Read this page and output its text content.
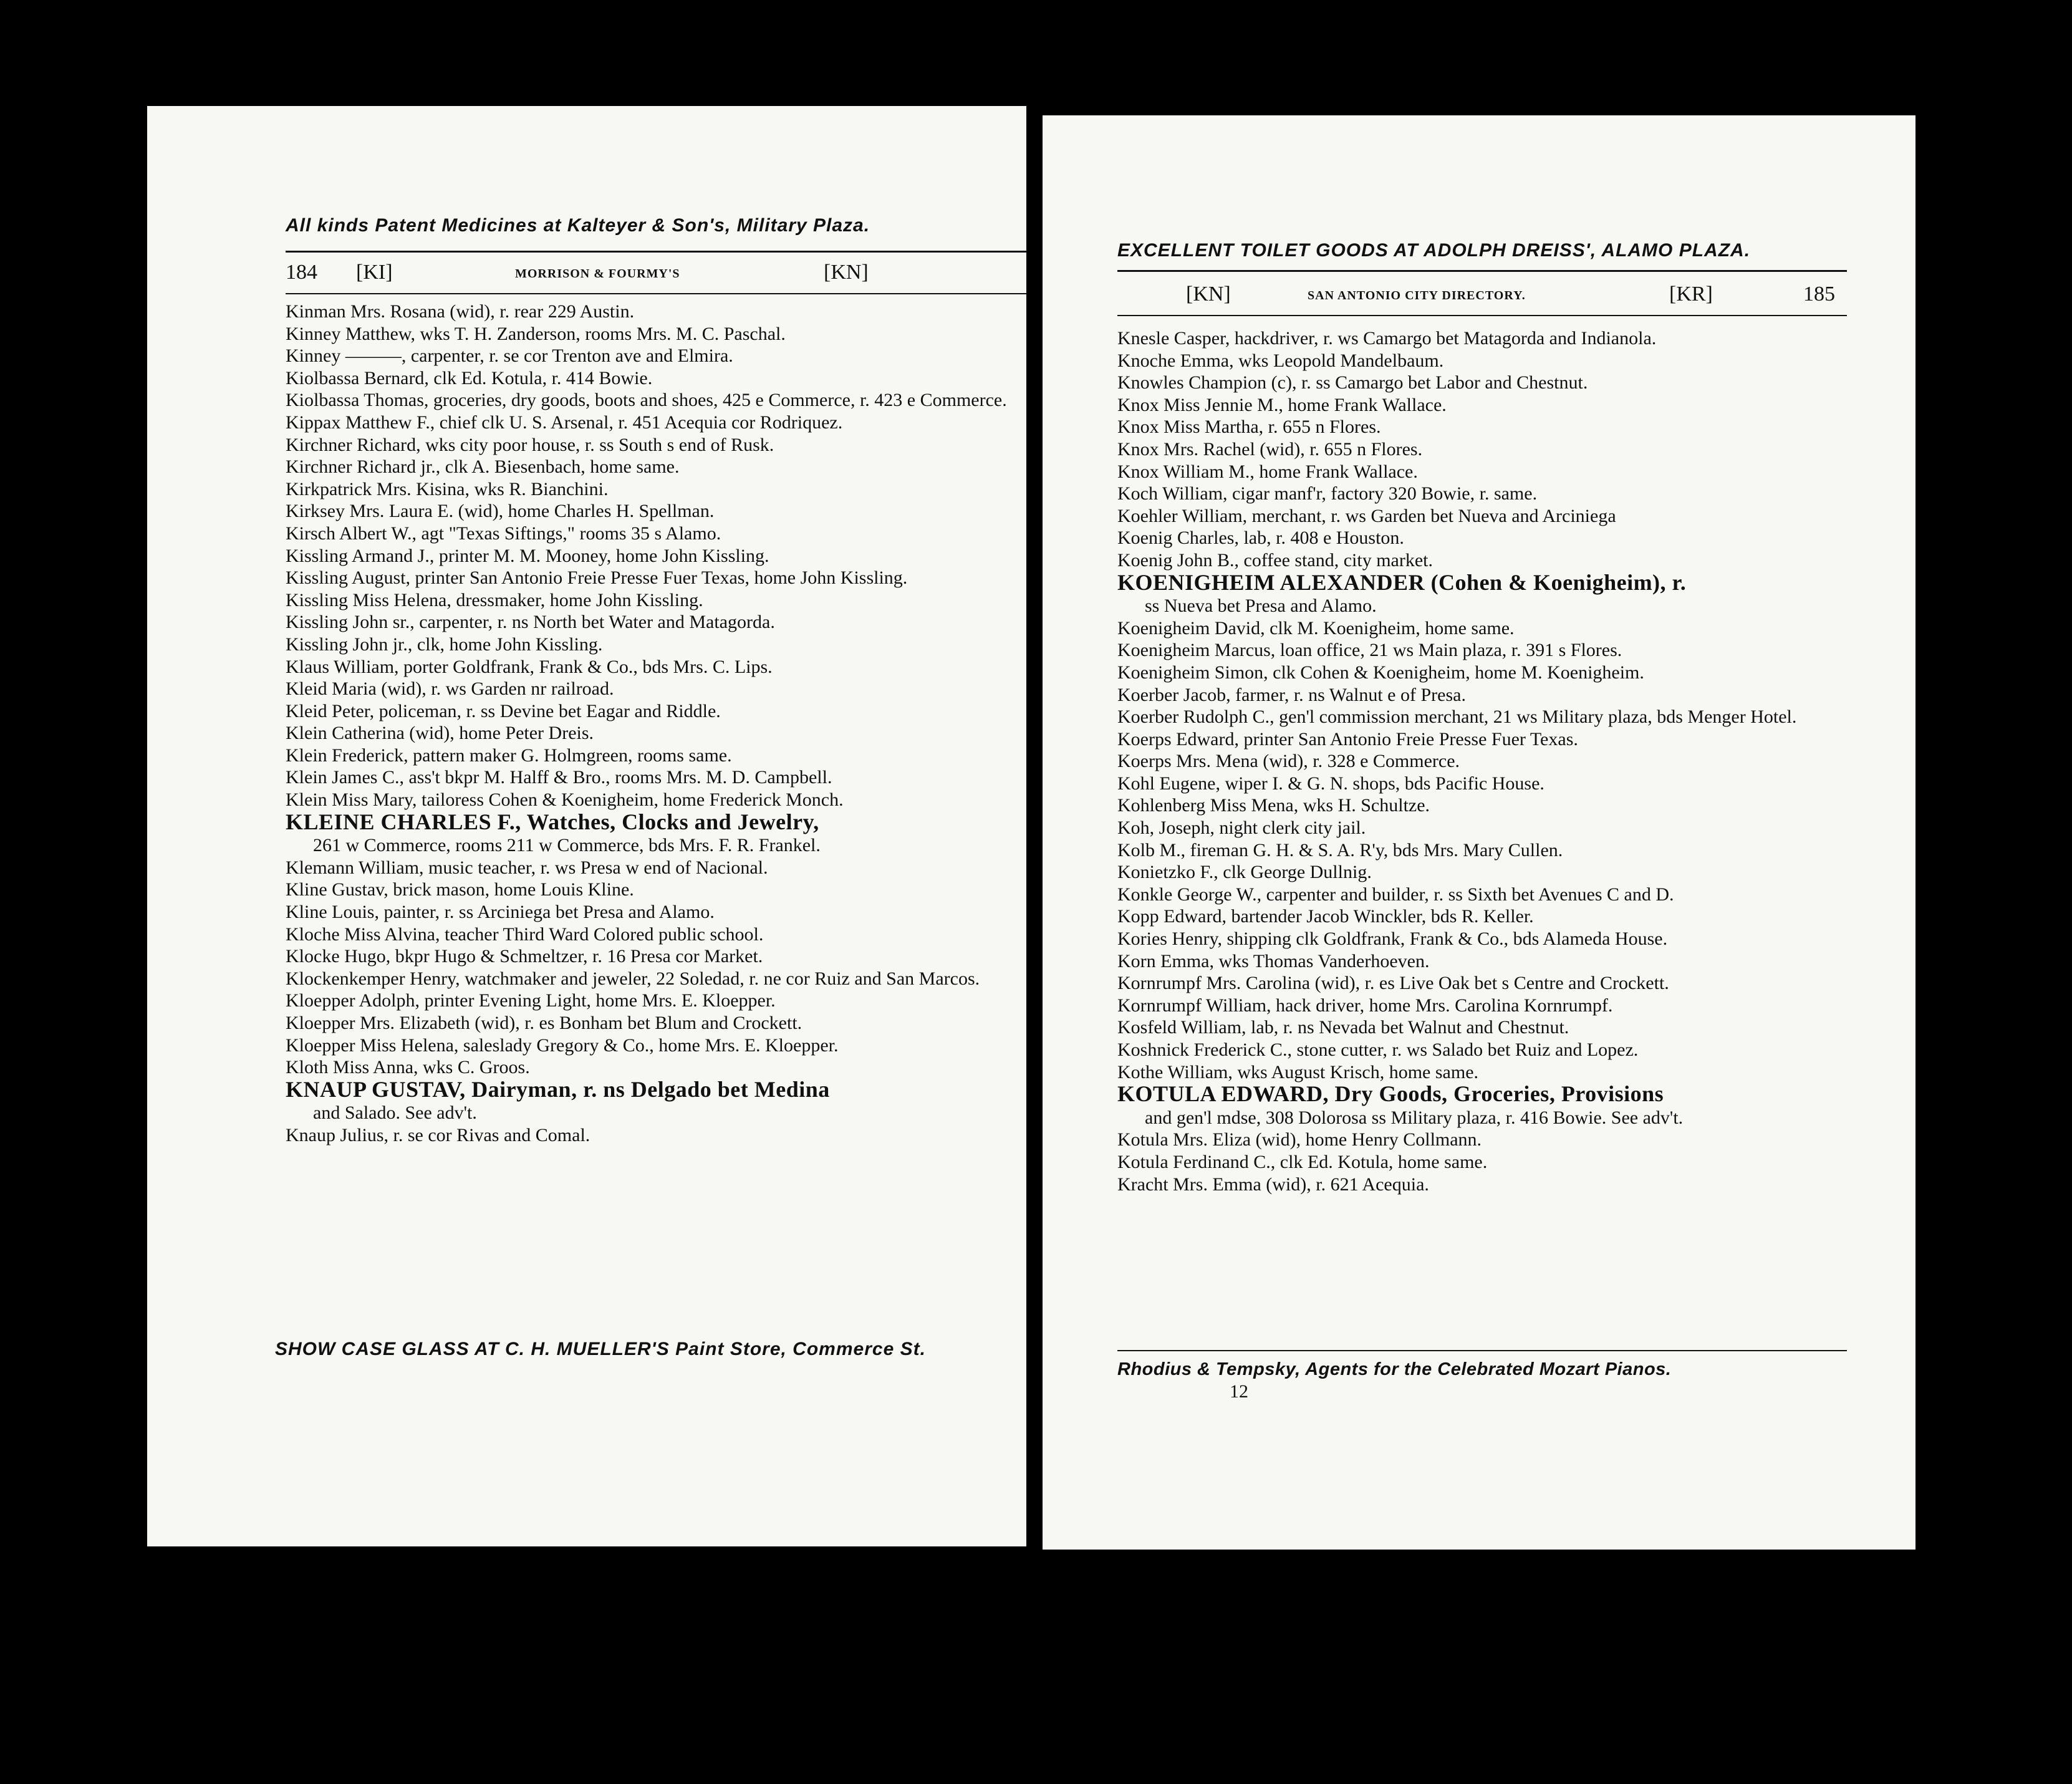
All kinds Patent Medicines at Kalteyer & Son's, Military Plaza.
184 [KI]	MORRISON & FOURMY'S	[KN]
Kinman Mrs. Rosana (wid), r. rear 229 Austin.
Kinney Matthew, wks T. H. Zanderson, rooms Mrs. M. C. Paschal.
Kinney ———, carpenter, r. se cor Trenton ave and Elmira.
Kiolbassa Bernard, clk Ed. Kotula, r. 414 Bowie.
Kiolbassa Thomas, groceries, dry goods, boots and shoes, 425 e Commerce, r. 423 e Commerce.
Kippax Matthew F., chief clk U. S. Arsenal, r. 451 Acequia cor Rodriquez.
Kirchner Richard, wks city poor house, r. ss South s end of Rusk.
Kirchner Richard jr., clk A. Biesenbach, home same.
Kirkpatrick Mrs. Kisina, wks R. Bianchini.
Kirksey Mrs. Laura E. (wid), home Charles H. Spellman.
Kirsch Albert W., agt "Texas Siftings," rooms 35 s Alamo.
Kissling Armand J., printer M. M. Mooney, home John Kissling.
Kissling August, printer San Antonio Freie Presse Fuer Texas, home John Kissling.
Kissling Miss Helena, dressmaker, home John Kissling.
Kissling John sr., carpenter, r. ns North bet Water and Matagorda.
Kissling John jr., clk, home John Kissling.
Klaus William, porter Goldfrank, Frank & Co., bds Mrs. C. Lips.
Kleid Maria (wid), r. ws Garden nr railroad.
Kleid Peter, policeman, r. ss Devine bet Eagar and Riddle.
Klein Catherina (wid), home Peter Dreis.
Klein Frederick, pattern maker G. Holmgreen, rooms same.
Klein James C., ass't bkpr M. Halff & Bro., rooms Mrs. M. D. Campbell.
Klein Miss Mary, tailoress Cohen & Koenigheim, home Frederick Monch.
KLEINE CHARLES F., Watches, Clocks and Jewelry,
261 w Commerce, rooms 211 w Commerce, bds Mrs. F. R. Frankel.
Klemann William, music teacher, r. ws Presa w end of Nacional.
Kline Gustav, brick mason, home Louis Kline.
Kline Louis, painter, r. ss Arciniega bet Presa and Alamo.
Kloche Miss Alvina, teacher Third Ward Colored public school.
Klocke Hugo, bkpr Hugo & Schmeltzer, r. 16 Presa cor Market.
Klockenkemper Henry, watchmaker and jeweler, 22 Soledad, r. ne cor Ruiz and San Marcos.
Kloepper Adolph, printer Evening Light, home Mrs. E. Kloepper.
Kloepper Mrs. Elizabeth (wid), r. es Bonham bet Blum and Crockett.
Kloepper Miss Helena, saleslady Gregory & Co., home Mrs. E. Kloepper.
Kloth Miss Anna, wks C. Groos.
KNAUP GUSTAV, Dairyman, r. ns Delgado bet Medina
and Salado. See adv't.
Knaup Julius, r. se cor Rivas and Comal.
SHOW CASE GLASS AT C. H. MUELLER'S Paint Store, Commerce St.
EXCELLENT TOILET GOODS AT ADOLPH DREISS', ALAMO PLAZA.
[KN]	SAN ANTONIO CITY DIRECTORY.	[KR]	185
Knesle Casper, hackdriver, r. ws Camargo bet Matagorda and Indianola.
Knoche Emma, wks Leopold Mandelbaum.
Knowles Champion (c), r. ss Camargo bet Labor and Chestnut.
Knox Miss Jennie M., home Frank Wallace.
Knox Miss Martha, r. 655 n Flores.
Knox Mrs. Rachel (wid), r. 655 n Flores.
Knox William M., home Frank Wallace.
Koch William, cigar manf'r, factory 320 Bowie, r. same.
Koehler William, merchant, r. ws Garden bet Nueva and Arciniega
Koenig Charles, lab, r. 408 e Houston.
Koenig John B., coffee stand, city market.
KOENIGHEIM ALEXANDER (Cohen & Koenigheim), r.
ss Nueva bet Presa and Alamo.
Koenigheim David, clk M. Koenigheim, home same.
Koenigheim Marcus, loan office, 21 ws Main plaza, r. 391 s Flores.
Koenigheim Simon, clk Cohen & Koenigheim, home M. Koenigheim.
Koerber Jacob, farmer, r. ns Walnut e of Presa.
Koerber Rudolph C., gen'l commission merchant, 21 ws Military plaza, bds Menger Hotel.
Koerps Edward, printer San Antonio Freie Presse Fuer Texas.
Koerps Mrs. Mena (wid), r. 328 e Commerce.
Kohl Eugene, wiper I. & G. N. shops, bds Pacific House.
Kohlenberg Miss Mena, wks H. Schultze.
Koh, Joseph, night clerk city jail.
Kolb M., fireman G. H. & S. A. R'y, bds Mrs. Mary Cullen.
Konietzko F., clk George Dullnig.
Konkle George W., carpenter and builder, r. ss Sixth bet Avenues C and D.
Kopp Edward, bartender Jacob Winckler, bds R. Keller.
Kories Henry, shipping clk Goldfrank, Frank & Co., bds Alameda House.
Korn Emma, wks Thomas Vanderhoeven.
Kornrumpf Mrs. Carolina (wid), r. es Live Oak bet s Centre and Crockett.
Kornrumpf William, hack driver, home Mrs. Carolina Kornrumpf.
Kosfeld William, lab, r. ns Nevada bet Walnut and Chestnut.
Koshnick Frederick C., stone cutter, r. ws Salado bet Ruiz and Lopez.
Kothe William, wks August Krisch, home same.
KOTULA EDWARD, Dry Goods, Groceries, Provisions
and gen'l mdse, 308 Dolorosa ss Military plaza, r. 416 Bowie. See adv't.
Kotula Mrs. Eliza (wid), home Henry Collmann.
Kotula Ferdinand C., clk Ed. Kotula, home same.
Kracht Mrs. Emma (wid), r. 621 Acequia.
Rhodius & Tempsky, Agents for the Celebrated Mozart Pianos.
12
